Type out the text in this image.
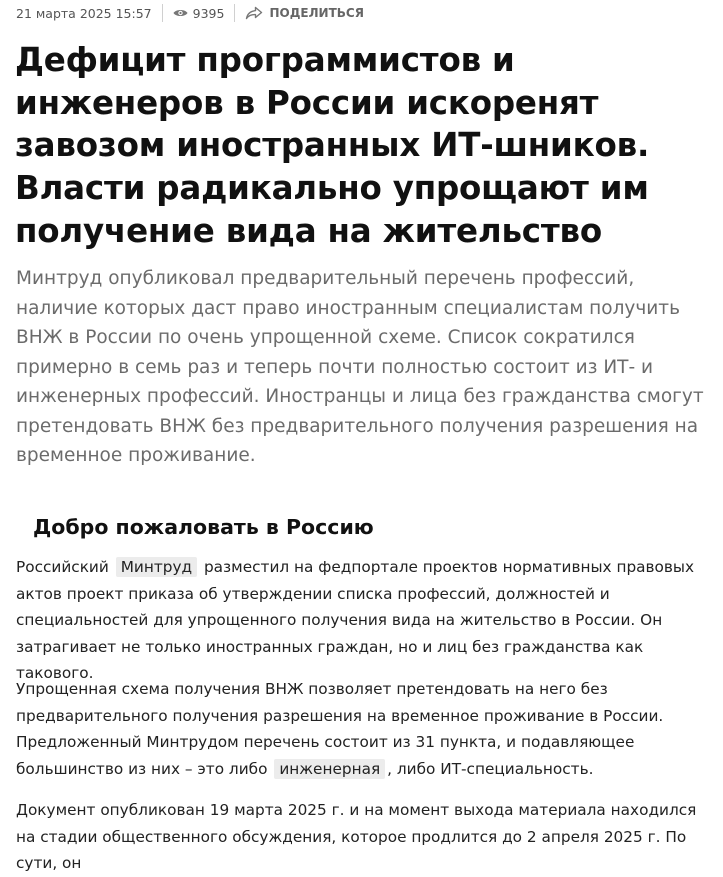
21 марта 2025 15:57	9395	ПОДЕЛИТЬСЯ
Дефицит программистов и инженеров в России искоренят завозом иностранных ИТ-шников. Власти радикально упрощают им получение вида на жительство

Минтруд опубликовал предварительный перечень профессий, наличие которых даст право иностранным специалистам получить ВНЖ в России по очень упрощенной схеме. Список сократился примерно в семь раз и теперь почти полностью состоит из ИТ- и инженерных профессий. Иностранцы и лица без гражданства смогут претендовать ВНЖ без предварительного получения разрешения на временное проживание.

Добро пожаловать в Россию

Российский Минтруд разместил на федпортале проектов нормативных правовых актов проект приказа об утверждении списка профессий, должностей и специальностей для упрощенного получения вида на жительство в России. Он затрагивает не только иностранных граждан, но и лиц без гражданства как такового.

Упрощенная схема получения ВНЖ позволяет претендовать на него без предварительного получения разрешения на временное проживание в России. Предложенный Минтрудом перечень состоит из 31 пункта, и подавляющее большинство из них – это либо инженерная , либо ИТ-специальность.

Документ опубликован 19 марта 2025 г. и на момент выхода материала находился на стадии общественного обсуждения, которое продлится до 2 апреля 2025 г. По сути, он
